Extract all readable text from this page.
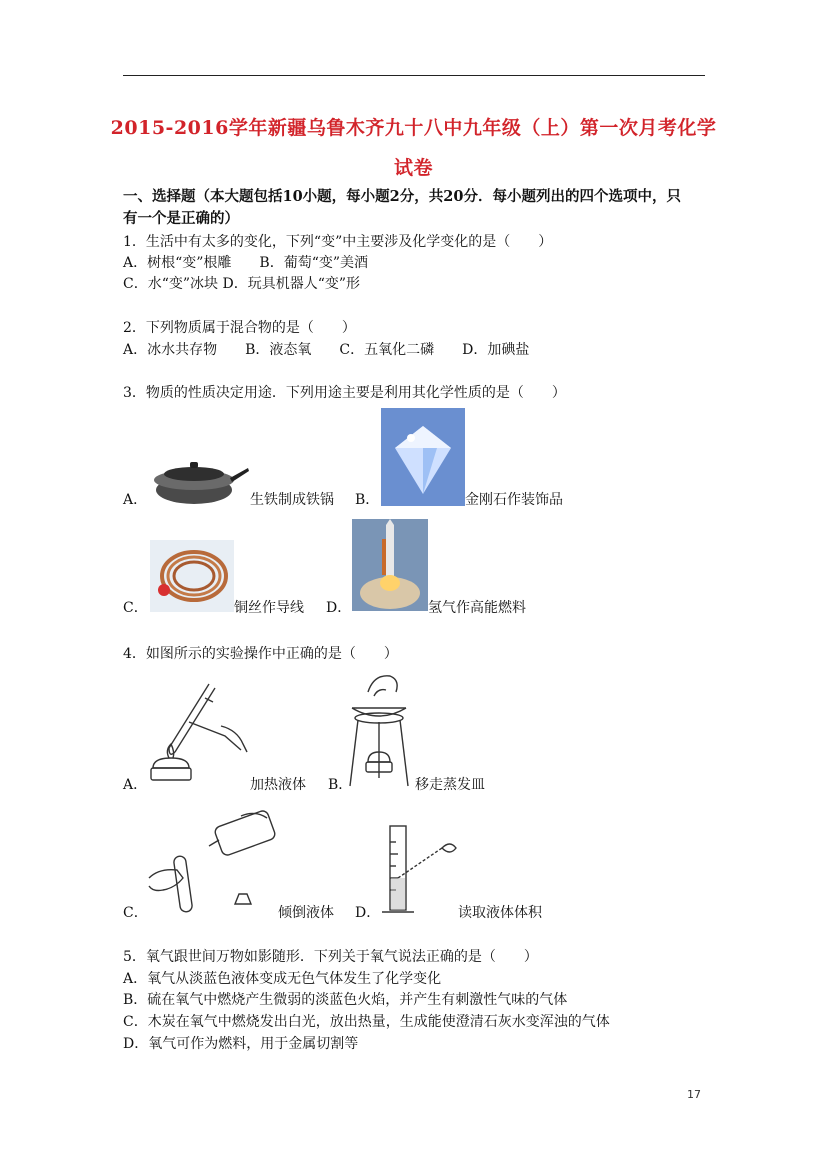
2015-2016学年新疆乌鲁木齐九十八中九年级（上）第一次月考化学
试卷
一、选择题（本大题包括10小题，每小题2分，共20分．每小题列出的四个选项中，只
有一个是正确的）
1．生活中有太多的变化，下列“变”中主要涉及化学变化的是（　　）
A．树根“变”根雕　　B．葡萄“变”美酒
C．水“变”冰块 D．玩具机器人“变”形
2．下列物质属于混合物的是（　　）
A．冰水共存物　　B．液态氧　　C．五氧化二磷　　D．加碘盐
3．物质的性质决定用途．下列用途主要是利用其化学性质的是（　　）
A．	生铁制成铁锅 B．	金刚石作装饰品
C．	铜丝作导线 D．	氢气作高能燃料
4．如图所示的实验操作中正确的是（　　）
A．	加热液体 B．	移走蒸发皿
C．	倾倒液体 D．	读取液体体积
5．氧气跟世间万物如影随形．下列关于氧气说法正确的是（　　）
A．氧气从淡蓝色液体变成无色气体发生了化学变化
B．硫在氧气中燃烧产生微弱的淡蓝色火焰，并产生有刺激性气味的气体
C．木炭在氧气中燃烧发出白光，放出热量，生成能使澄清石灰水变浑浊的气体
D．氧气可作为燃料，用于金属切割等
17
